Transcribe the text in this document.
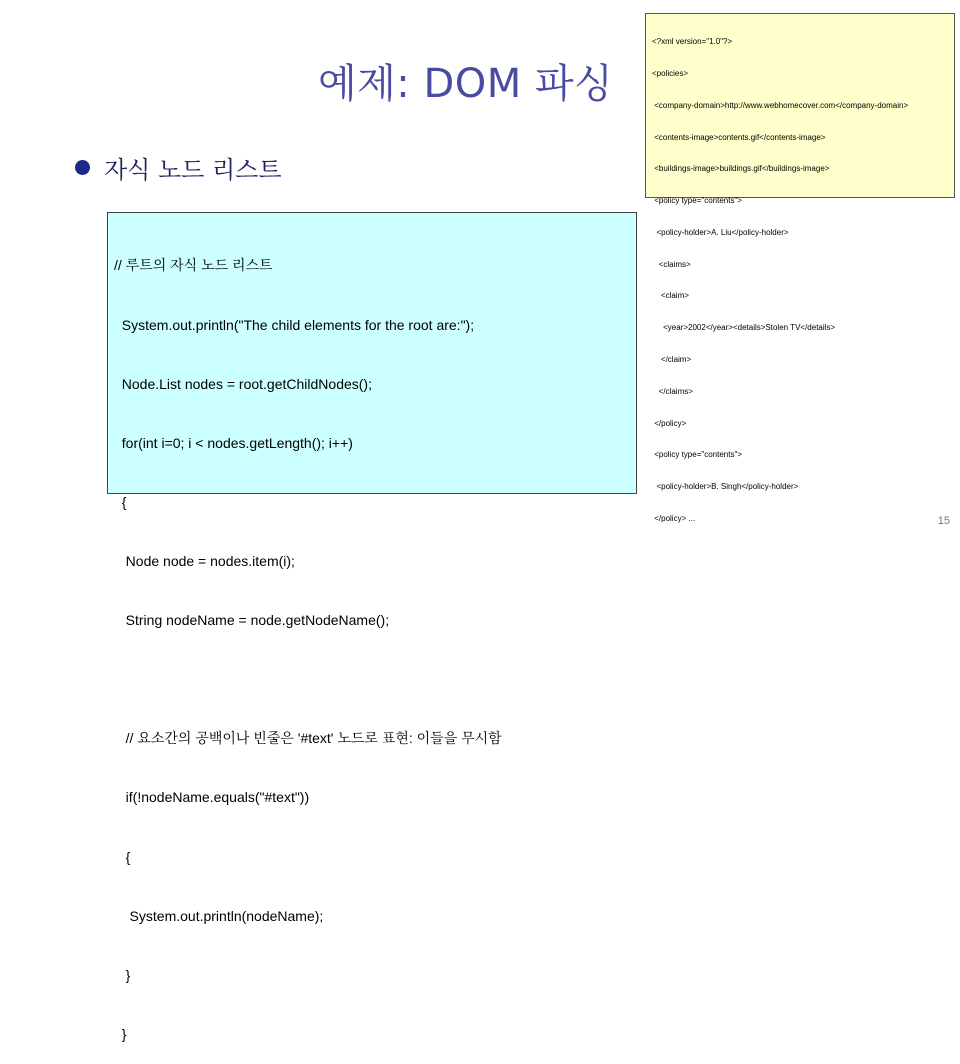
예제: DOM 파싱
자식 노드 리스트

<?xml version="1.0"?>

<policies>

<company-domain>http://www.webhomecover.com</company-domain>

<contents-image>contents.gif</contents-image>

<buildings-image>buildings.gif</buildings-image>

<policy type="contents">

<policy-holder>A. Liu</policy-holder>

<claims>

<claim>

<year>2002</year><details>Stolen TV</details>

</claim>

</claims>

</policy>

<policy type="contents">

<policy-holder>B. Singh</policy-holder>

</policy> ...

// 루트의 자식 노드 리스트

System.out.println("The child elements for the root are:");

Node.List nodes = root.getChildNodes();

for(int i=0; i < nodes.getLength(); i++)

{

Node node = nodes.item(i);

String nodeName = node.getNodeName();

// 요소간의 공백이나 빈줄은 '#text' 노드로 표현: 이들을 무시함

if(!nodeName.equals("#text"))

{

System.out.println(nodeName);

}

}

15
